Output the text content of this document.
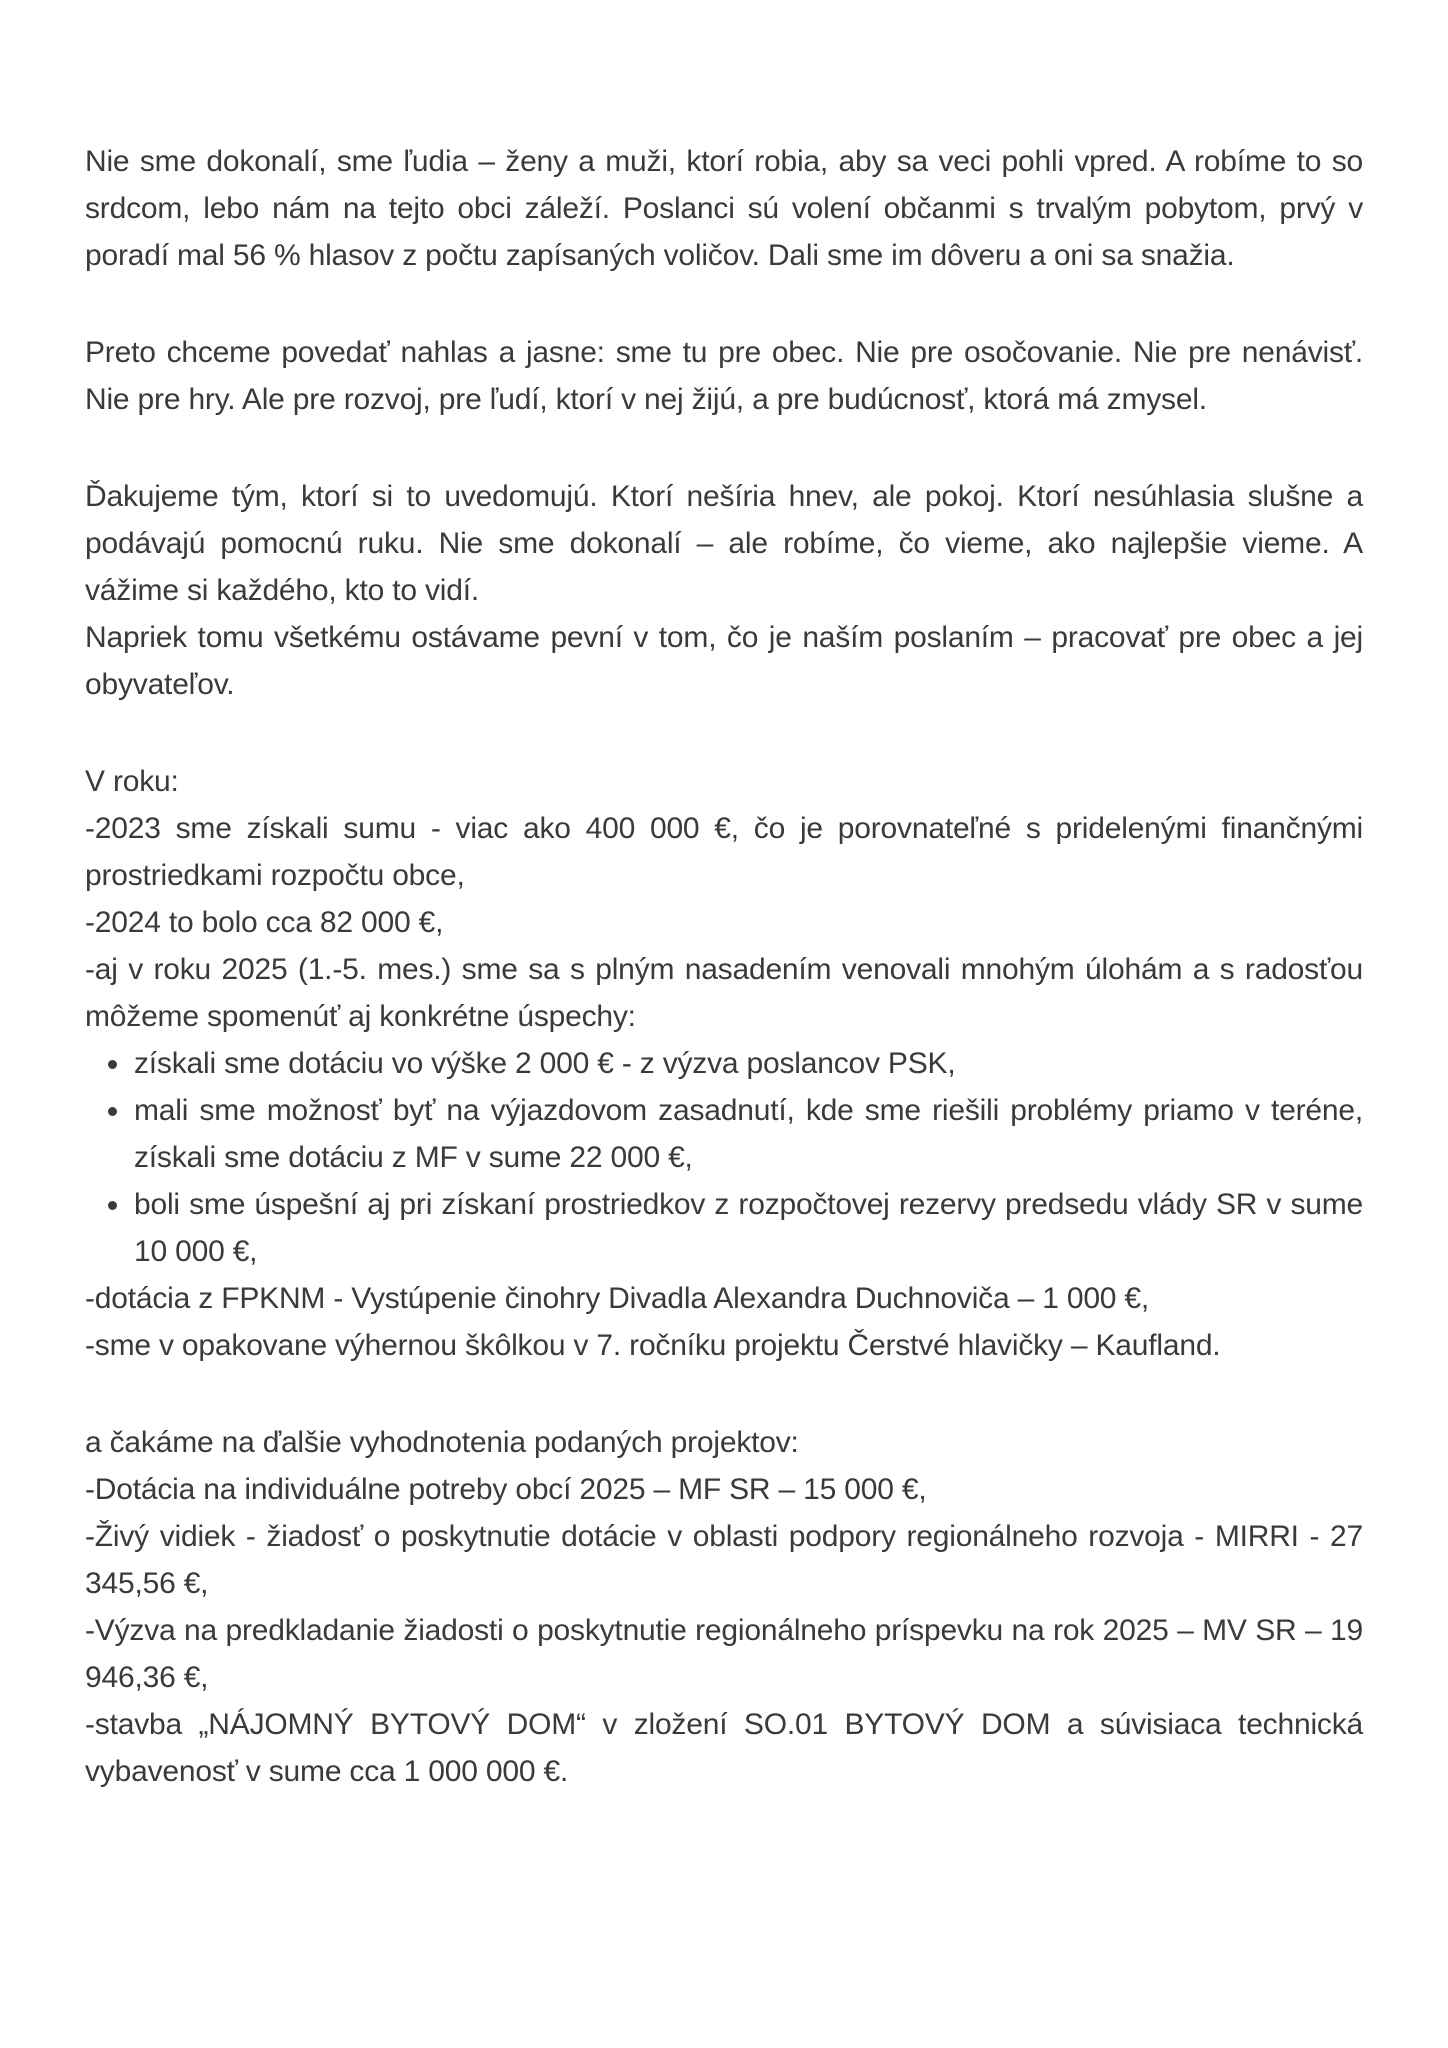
Nie sme dokonalí, sme ľudia – ženy a muži, ktorí robia, aby sa veci pohli vpred. A robíme to so srdcom, lebo nám na tejto obci záleží. Poslanci sú volení občanmi s trvalým pobytom, prvý v poradí mal 56 % hlasov z počtu zapísaných voličov. Dali sme im dôveru a oni sa snažia.

Preto chceme povedať nahlas a jasne: sme tu pre obec. Nie pre osočovanie. Nie pre nenávisť. Nie pre hry. Ale pre rozvoj, pre ľudí, ktorí v nej žijú, a pre budúcnosť, ktorá má zmysel.

Ďakujeme tým, ktorí si to uvedomujú. Ktorí nešíria hnev, ale pokoj. Ktorí nesúhlasia slušne a podávajú pomocnú ruku. Nie sme dokonalí – ale robíme, čo vieme, ako najlepšie vieme. A vážime si každého, kto to vidí.

Napriek tomu všetkému ostávame pevní v tom, čo je naším poslaním – pracovať pre obec a jej obyvateľov.

V roku:

-2023 sme získali sumu - viac ako 400 000 €, čo je porovnateľné s pridelenými finančnými prostriedkami rozpočtu obce,

-2024 to bolo cca 82 000 €,

-aj v roku 2025 (1.-5. mes.) sme sa s plným nasadením venovali mnohým úlohám a s radosťou môžeme spomenúť aj konkrétne úspechy:

• získali sme dotáciu vo výške 2 000 € - z výzva poslancov PSK,
• mali sme možnosť byť na výjazdovom zasadnutí, kde sme riešili problémy priamo v teréne, získali sme dotáciu z MF v sume 22 000 €,
• boli sme úspešní aj pri získaní prostriedkov z rozpočtovej rezervy predsedu vlády SR v sume 10 000 €,

-dotácia z FPKNM - Vystúpenie činohry Divadla Alexandra Duchnoviča – 1 000 €,

-sme v opakovane výhernou škôlkou v 7. ročníku projektu Čerstvé hlavičky – Kaufland.

a čakáme na ďalšie vyhodnotenia podaných projektov:

-Dotácia na individuálne potreby obcí 2025 – MF SR – 15 000 €,

-Živý vidiek - žiadosť o poskytnutie dotácie v oblasti podpory regionálneho rozvoja - MIRRI - 27 345,56 €,

-Výzva na predkladanie žiadosti o poskytnutie regionálneho príspevku na rok 2025 – MV SR – 19 946,36 €,

-stavba „NÁJOMNÝ BYTOVÝ DOM“ v zložení SO.01 BYTOVÝ DOM a súvisiaca technická vybavenosť v sume cca 1 000 000 €.
